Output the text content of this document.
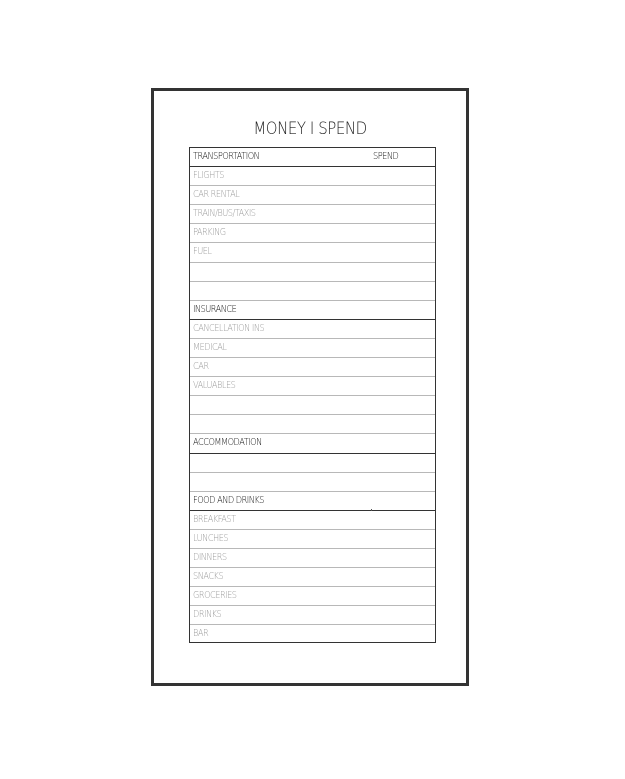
MONEY I SPEND
TRANSPORTATION	SPEND
FLIGHTS
CAR RENTAL
TRAIN/BUS/TAXIS
PARKING
FUEL
INSURANCE
CANCELLATION INS
MEDICAL
CAR
VALUABLES
ACCOMMODATION
FOOD AND DRINKS
BREAKFAST
LUNCHES
DINNERS
SNACKS
GROCERIES
DRINKS
BAR
